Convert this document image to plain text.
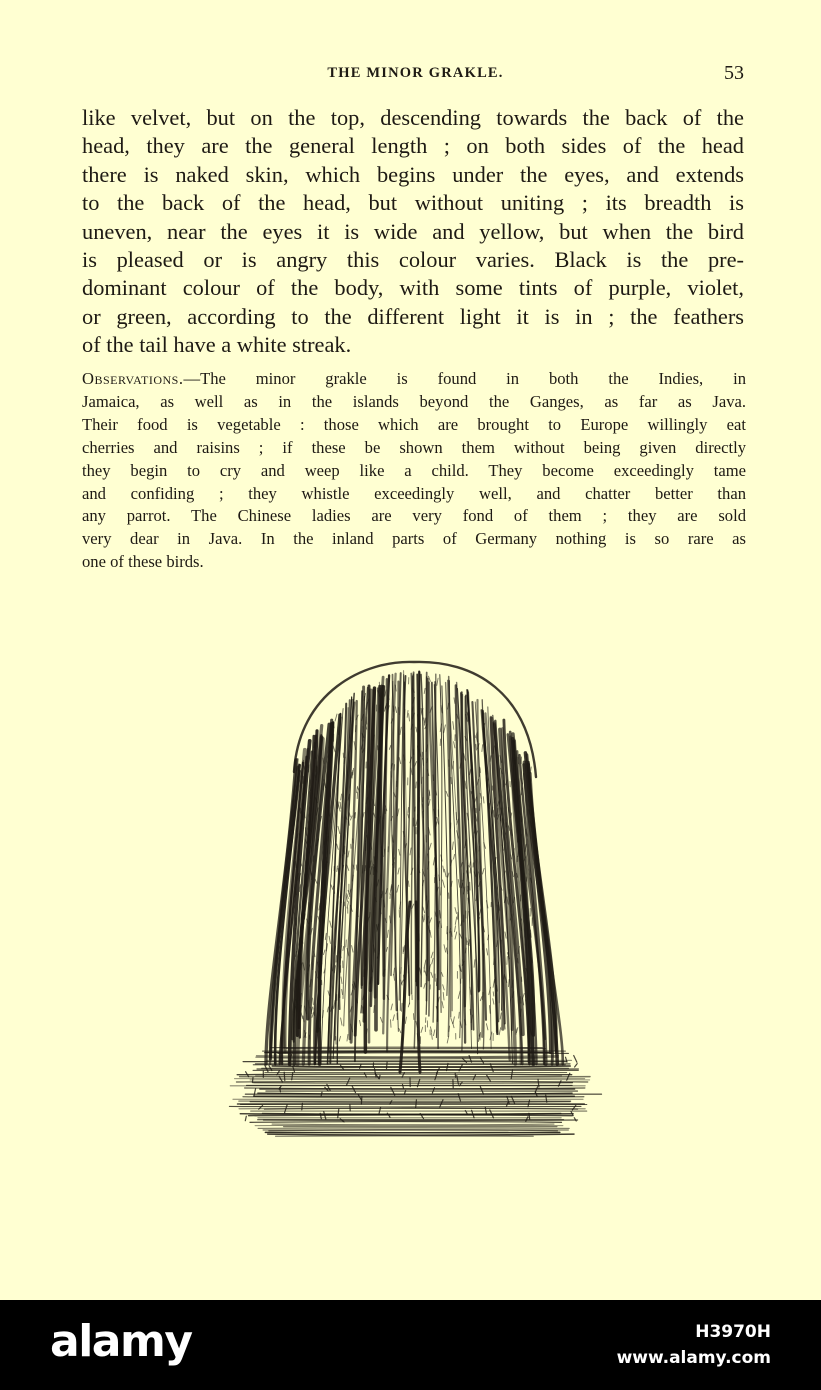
THE MINOR GRAKLE.	53
like velvet, but on the top, descending towards the back of the
head, they are the general length ; on both sides of the head
there is naked skin, which begins under the eyes, and extends
to the back of the head, but without uniting ; its breadth is
uneven, near the eyes it is wide and yellow, but when the bird
is pleased or is angry this colour varies. Black is the pre-
dominant colour of the body, with some tints of purple, violet,
or green, according to the different light it is in ; the feathers
of the tail have a white streak.
Observations.—The minor grakle is found in both the Indies, in
Jamaica, as well as in the islands beyond the Ganges, as far as Java.
Their food is vegetable : those which are brought to Europe willingly eat
cherries and raisins ; if these be shown them without being given directly
they begin to cry and weep like a child. They become exceedingly tame
and confiding ; they whistle exceedingly well, and chatter better than
any parrot. The Chinese ladies are very fond of them ; they are sold
very dear in Java. In the inland parts of Germany nothing is so rare as
one of these birds.
alamy	H3970H
www.alamy.com
